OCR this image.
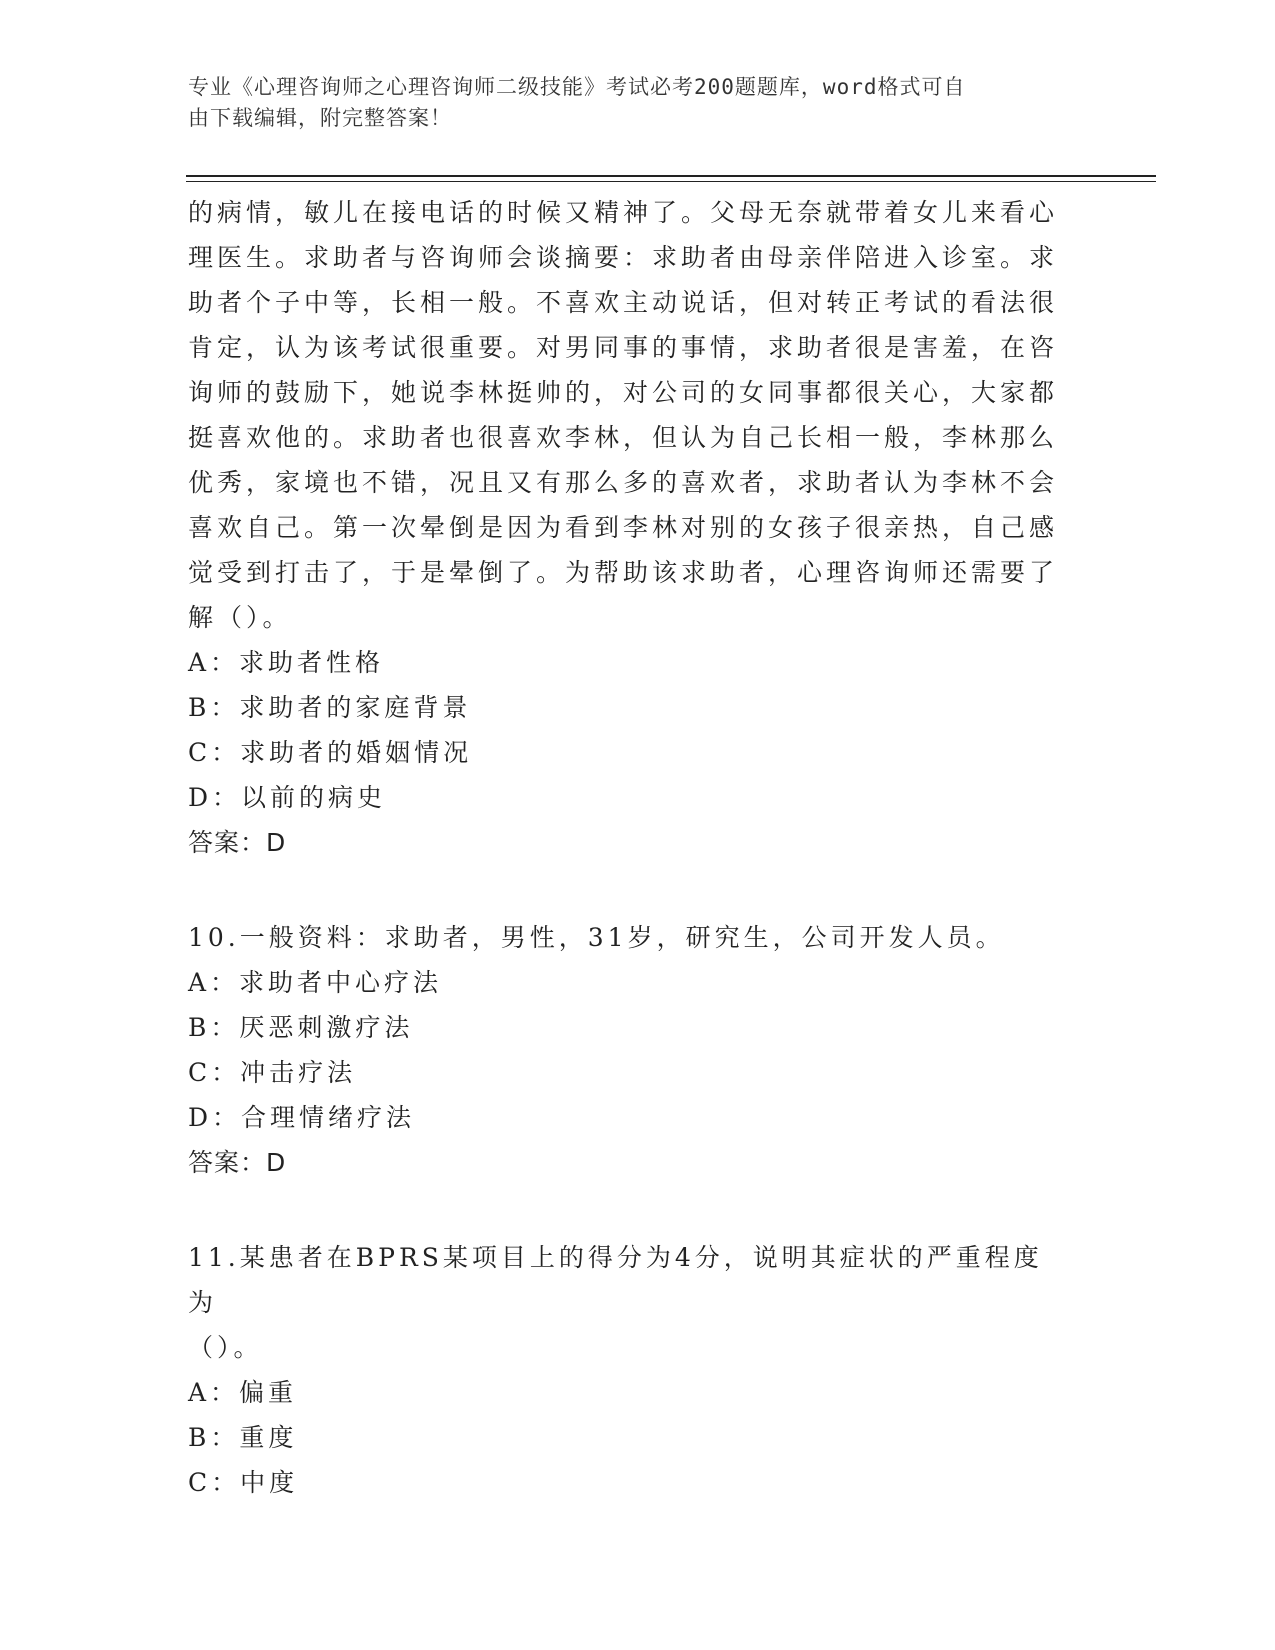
专业《心理咨询师之心理咨询师二级技能》考试必考200题题库，word格式可自
由下载编辑，附完整答案！
的病情，敏儿在接电话的时候又精神了。父母无奈就带着女儿来看心
理医生。求助者与咨询师会谈摘要：求助者由母亲伴陪进入诊室。求
助者个子中等，长相一般。不喜欢主动说话，但对转正考试的看法很
肯定，认为该考试很重要。对男同事的事情，求助者很是害羞，在咨
询师的鼓励下，她说李林挺帅的，对公司的女同事都很关心，大家都
挺喜欢他的。求助者也很喜欢李林，但认为自己长相一般，李林那么
优秀，家境也不错，况且又有那么多的喜欢者，求助者认为李林不会
喜欢自己。第一次晕倒是因为看到李林对别的女孩子很亲热，自己感
觉受到打击了，于是晕倒了。为帮助该求助者，心理咨询师还需要了
解（）。
A：求助者性格
B：求助者的家庭背景
C：求助者的婚姻情况
D：以前的病史
答案：D
10.一般资料：求助者，男性，31岁，研究生，公司开发人员。
A：求助者中心疗法
B：厌恶刺激疗法
C：冲击疗法
D：合理情绪疗法
答案：D
11.某患者在BPRS某项目上的得分为4分，说明其症状的严重程度为
（）。
A：偏重
B：重度
C：中度
